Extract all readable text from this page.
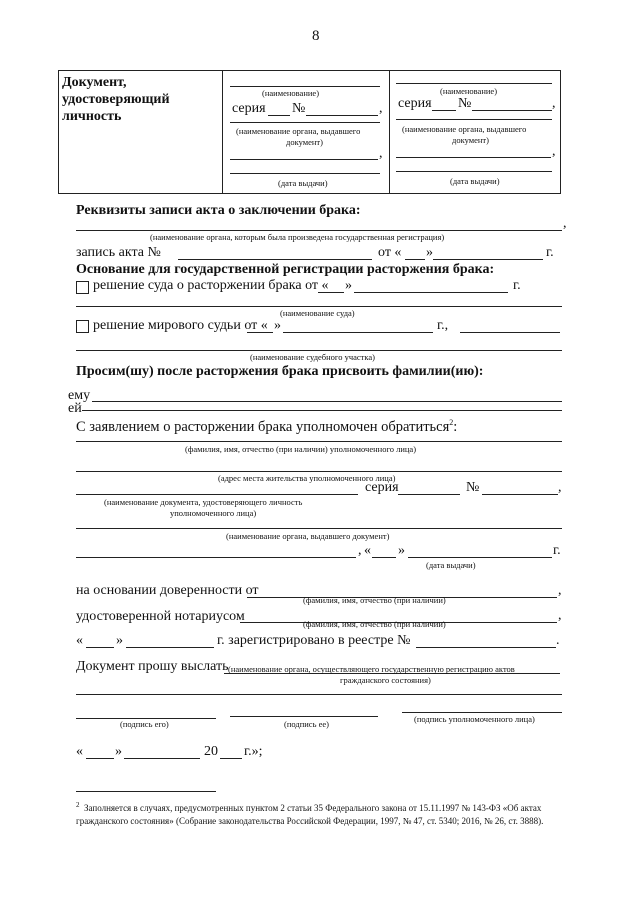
8
Документ,
удостоверяющий
личность
(наименование)
серия №	,
(наименование органа, выдавшего
документ)
,
(дата выдачи)
(наименование)
серия №	,
(наименование органа, выдавшего
документ)
,
(дата выдачи)
Реквизиты записи акта о заключении брака:
,
(наименование органа, которым была произведена государственная регистрация)
запись акта №	от « »	г.
Основание для государственной регистрации расторжения брака:
решение суда о расторжении брака от « »	г.
(наименование суда)
решение мирового судьи от « »	г.,
(наименование судебного участка)
Просим(шу) после расторжения брака присвоить фамилии(ию):
ему
ей
С заявлением о расторжении брака уполномочен обратиться$^2$:
(фамилия, имя, отчество (при наличии) уполномоченного лица)
(адрес места жительства уполномоченного лица)
серия	№	,
(наименование документа, удостоверяющего личность
уполномоченного лица)
(наименование органа, выдавшего документ)
, « »	г.
(дата выдачи)
на основании доверенности от	,
(фамилия, имя, отчество (при наличии)
удостоверенной нотариусом	,
(фамилия, имя, отчество (при наличии)
« »	г. зарегистрировано в реестре №	.
Документ прошу выслать (наименование органа, осуществляющего государственную регистрацию актов
гражданского состояния)
(подпись его)	(подпись ее)	(подпись уполномоченного лица)
« »	20 г.»;
$^2$ Заполняется в случаях, предусмотренных пунктом 2 статьи 35 Федерального закона от 15.11.1997 № 143-ФЗ «Об актах гражданского состояния» (Собрание законодательства Российской Федерации, 1997, № 47, ст. 5340; 2016, № 26, ст. 3888).
